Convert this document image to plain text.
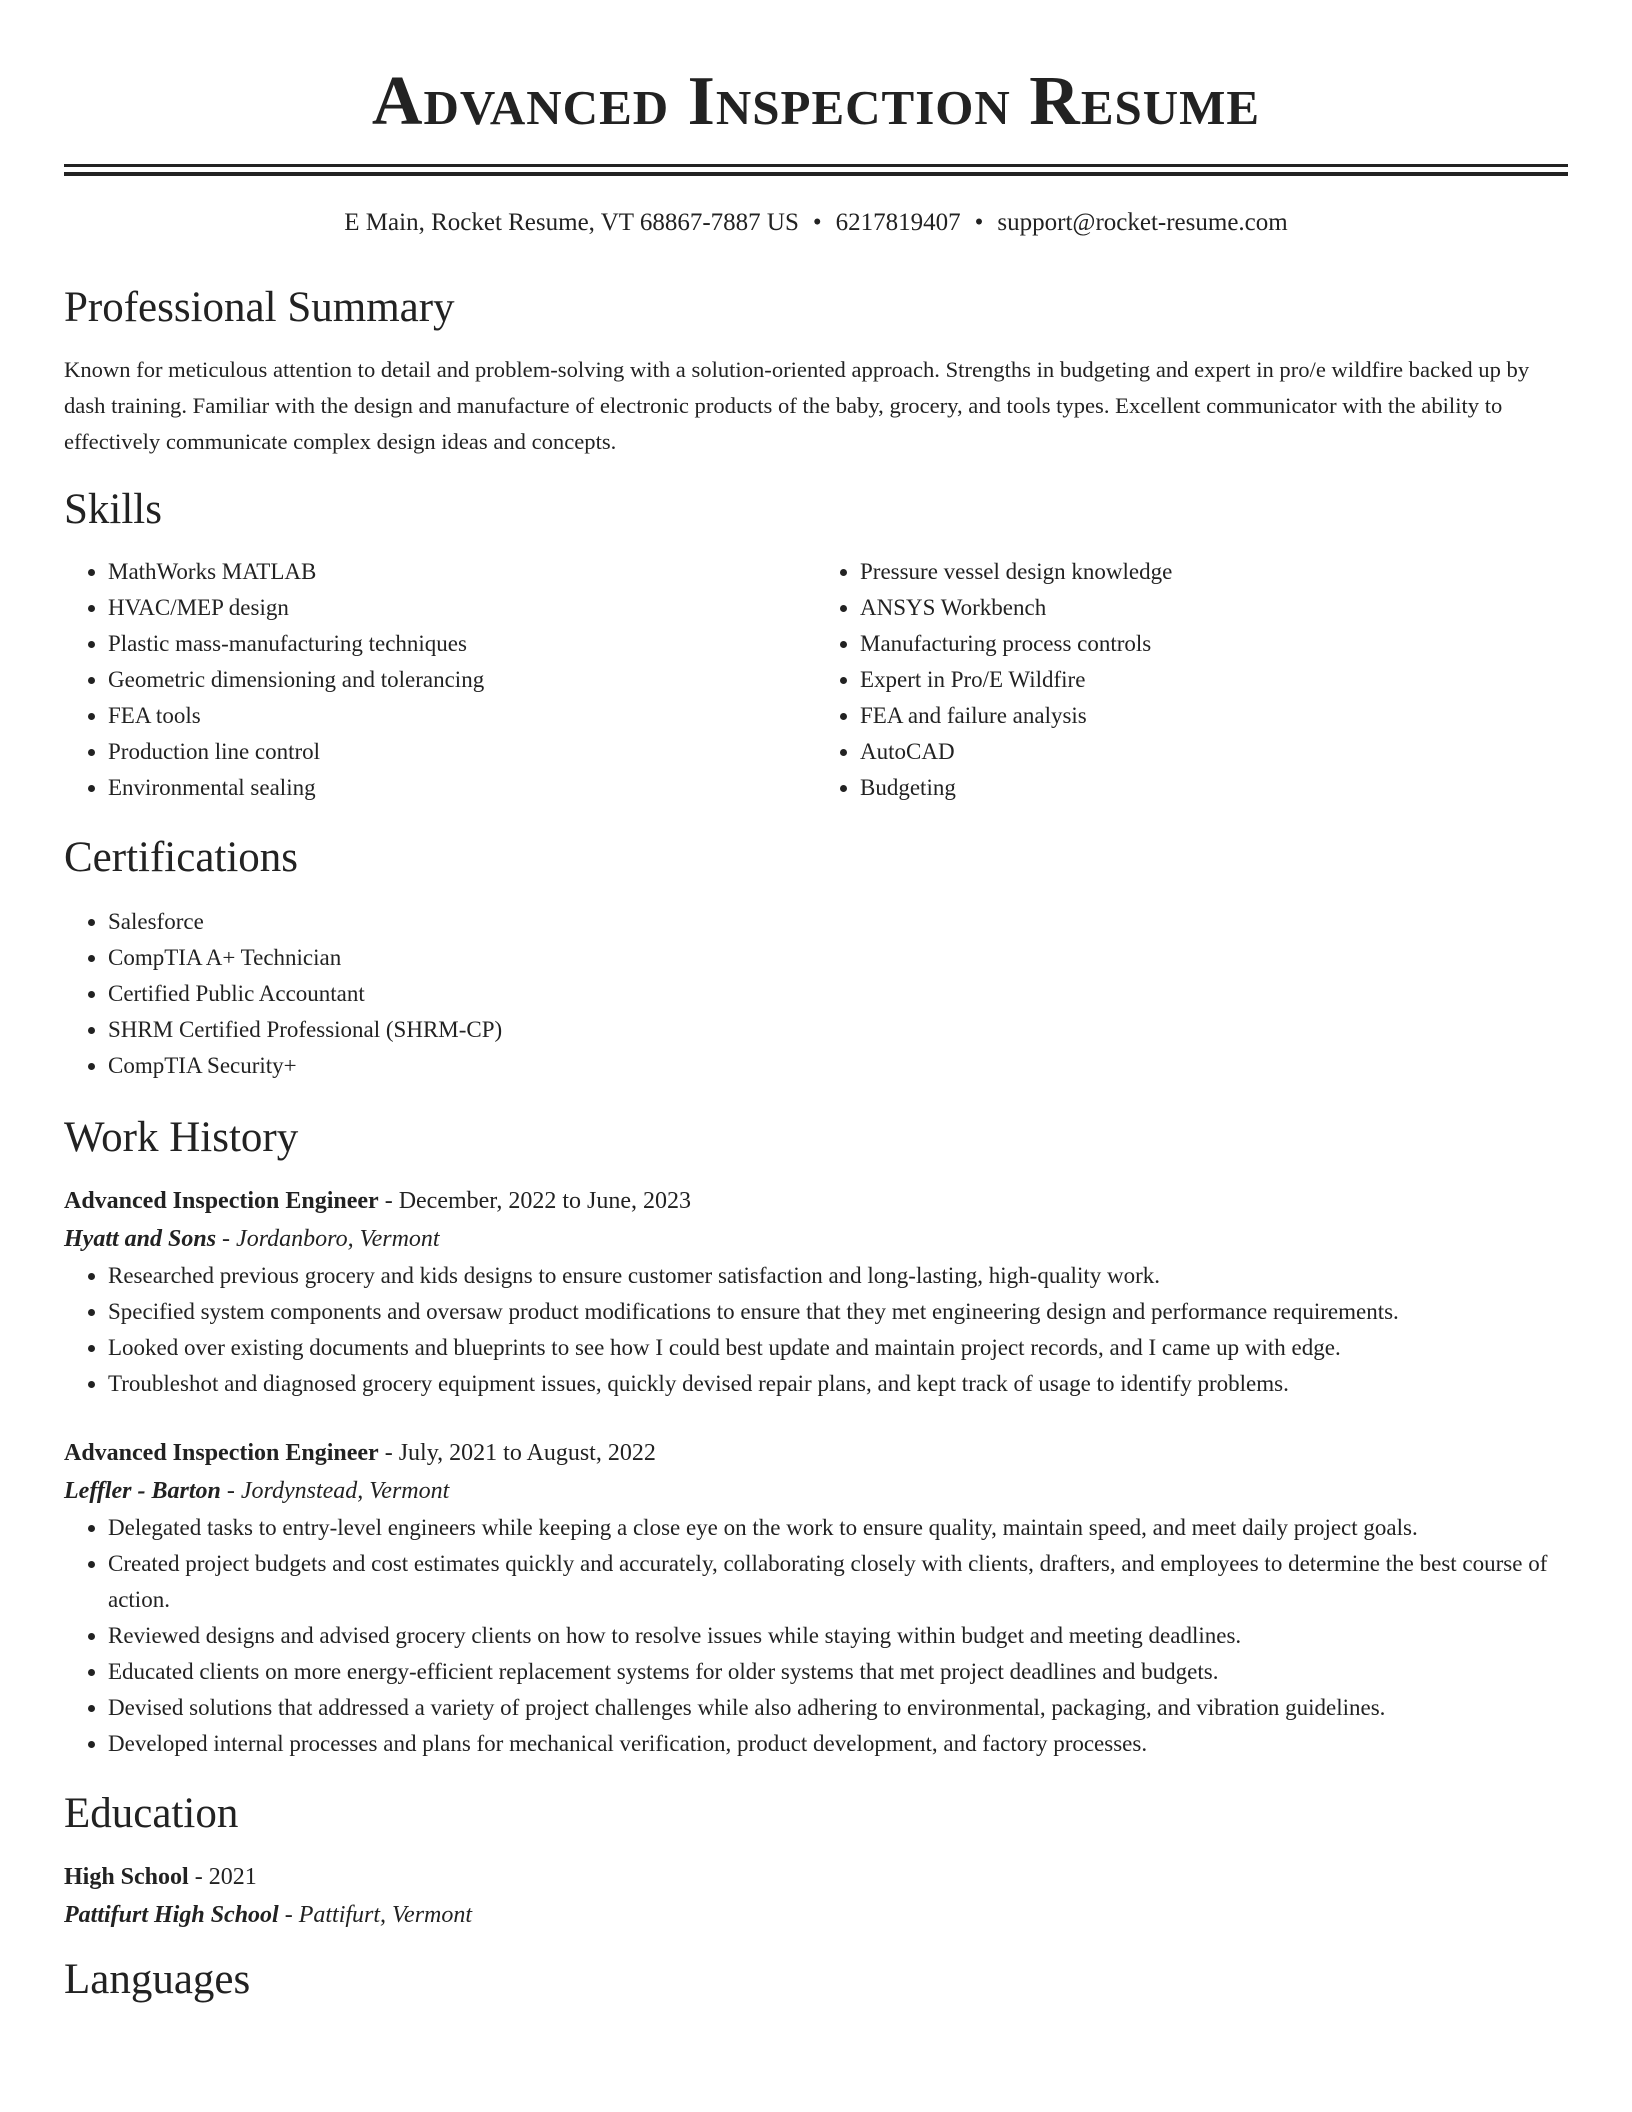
Advanced Inspection Resume
E Main, Rocket Resume, VT 68867-7887 US • 6217819407 • support@rocket-resume.com
Professional Summary

Known for meticulous attention to detail and problem-solving with a solution-oriented approach. Strengths in budgeting and expert in pro/e wildfire backed up by dash training. Familiar with the design and manufacture of electronic products of the baby, grocery, and tools types. Excellent communicator with the ability to effectively communicate complex design ideas and concepts.

Skills
• MathWorks MATLAB
• HVAC/MEP design
• Plastic mass-manufacturing techniques
• Geometric dimensioning and tolerancing
• FEA tools
• Production line control
• Environmental sealing
• Pressure vessel design knowledge
• ANSYS Workbench
• Manufacturing process controls
• Expert in Pro/E Wildfire
• FEA and failure analysis
• AutoCAD
• Budgeting
Certifications
• Salesforce
• CompTIA A+ Technician
• Certified Public Accountant
• SHRM Certified Professional (SHRM-CP)
• CompTIA Security+
Work History
Advanced Inspection Engineer - December, 2022 to June, 2023
Hyatt and Sons - Jordanboro, Vermont
• Researched previous grocery and kids designs to ensure customer satisfaction and long-lasting, high-quality work.
• Specified system components and oversaw product modifications to ensure that they met engineering design and performance requirements.
• Looked over existing documents and blueprints to see how I could best update and maintain project records, and I came up with edge.
• Troubleshot and diagnosed grocery equipment issues, quickly devised repair plans, and kept track of usage to identify problems.
Advanced Inspection Engineer - July, 2021 to August, 2022
Leffler - Barton - Jordynstead, Vermont
• Delegated tasks to entry-level engineers while keeping a close eye on the work to ensure quality, maintain speed, and meet daily project goals.
• Created project budgets and cost estimates quickly and accurately, collaborating closely with clients, drafters, and employees to determine the best course of action.
• Reviewed designs and advised grocery clients on how to resolve issues while staying within budget and meeting deadlines.
• Educated clients on more energy-efficient replacement systems for older systems that met project deadlines and budgets.
• Devised solutions that addressed a variety of project challenges while also adhering to environmental, packaging, and vibration guidelines.
• Developed internal processes and plans for mechanical verification, product development, and factory processes.
Education
High School - 2021
Pattifurt High School - Pattifurt, Vermont
Languages
